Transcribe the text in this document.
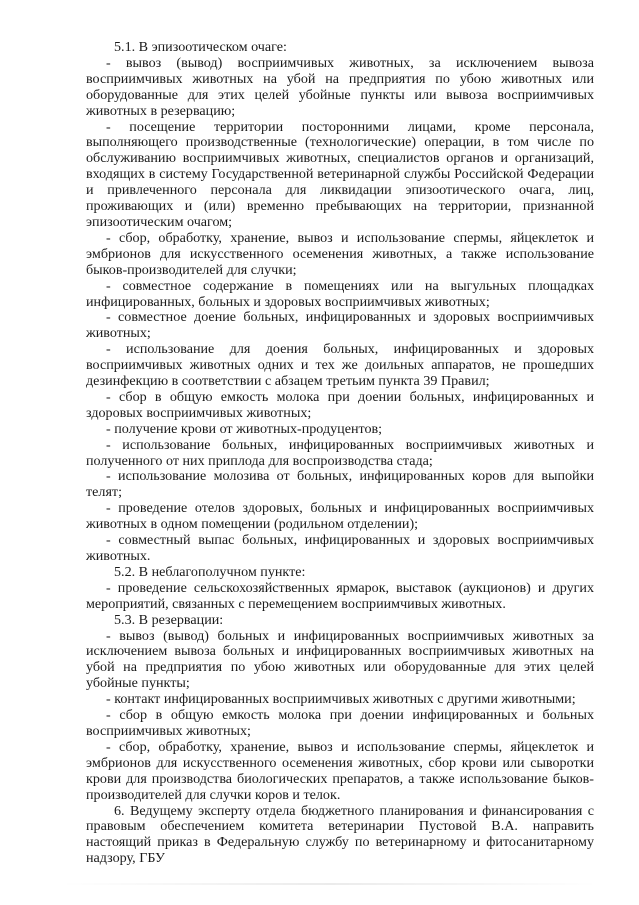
5.1. В эпизоотическом очаге:

- вывоз (вывод) восприимчивых животных, за исключением вывоза восприимчивых животных на убой на предприятия по убою животных или оборудованные для этих целей убойные пункты или вывоза восприимчивых животных в резервацию;

- посещение территории посторонними лицами, кроме персонала, выполняющего производственные (технологические) операции, в том числе по обслуживанию восприимчивых животных, специалистов органов и организаций, входящих в систему Государственной ветеринарной службы Российской Федерации и привлеченного персонала для ликвидации эпизоотического очага, лиц, проживающих и (или) временно пребывающих на территории, признанной эпизоотическим очагом;

- сбор, обработку, хранение, вывоз и использование спермы, яйцеклеток и эмбрионов для искусственного осеменения животных, а также использование быков-производителей для случки;

- совместное содержание в помещениях или на выгульных площадках инфицированных, больных и здоровых восприимчивых животных;

- совместное доение больных, инфицированных и здоровых восприимчивых животных;

- использование для доения больных, инфицированных и здоровых восприимчивых животных одних и тех же доильных аппаратов, не прошедших дезинфекцию в соответствии с абзацем третьим пункта 39 Правил;

- сбор в общую емкость молока при доении больных, инфицированных и здоровых восприимчивых животных;

- получение крови от животных-продуцентов;

- использование больных, инфицированных восприимчивых животных и полученного от них приплода для воспроизводства стада;

- использование молозива от больных, инфицированных коров для выпойки телят;

- проведение отелов здоровых, больных и инфицированных восприимчивых животных в одном помещении (родильном отделении);

- совместный выпас больных, инфицированных и здоровых восприимчивых животных.

5.2. В неблагополучном пункте:

- проведение сельскохозяйственных ярмарок, выставок (аукционов) и других мероприятий, связанных с перемещением восприимчивых животных.

5.3. В резервации:

- вывоз (вывод) больных и инфицированных восприимчивых животных за исключением вывоза больных и инфицированных восприимчивых животных на убой на предприятия по убою животных или оборудованные для этих целей убойные пункты;

- контакт инфицированных восприимчивых животных с другими животными;

- сбор в общую емкость молока при доении инфицированных и больных восприимчивых животных;

- сбор, обработку, хранение, вывоз и использование спермы, яйцеклеток и эмбрионов для искусственного осеменения животных, сбор крови или сыворотки крови для производства биологических препаратов, а также использование быков-производителей для случки коров и телок.

6. Ведущему эксперту отдела бюджетного планирования и финансирования с правовым обеспечением комитета ветеринарии Пустовой В.А. направить настоящий приказ в Федеральную службу по ветеринарному и фитосанитарному надзору, ГБУ
